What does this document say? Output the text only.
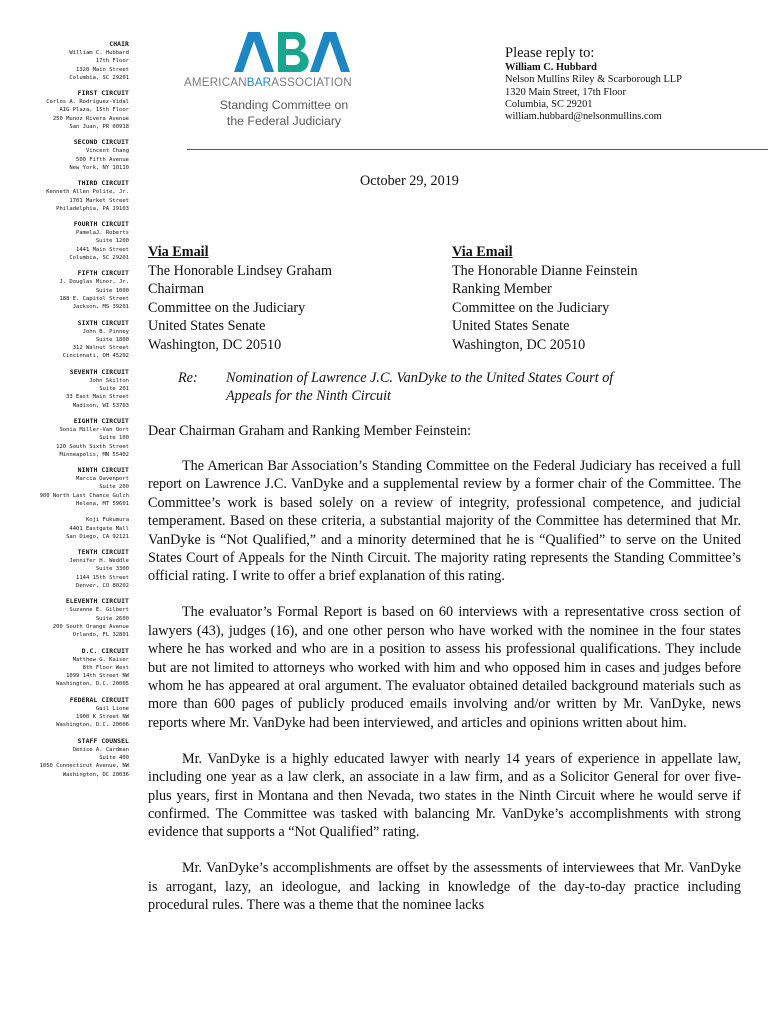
CHAIR
William C. Hubbard
17th Floor
1320 Main Street
Columbia, SC 29201
FIRST CIRCUIT
Carlos A. Rodriguez-Vidal
AIG Plaza, 15th Floor
250 Munoz Rivera Avenue
San Juan, PR 00918
SECOND CIRCUIT
Vincent Chang
500 Fifth Avenue
New York, NY 10110
THIRD CIRCUIT
Kenneth Allen Polite, Jr.
1701 Market Street
Philadelphia, PA 19103
FOURTH CIRCUIT
PamelaJ. Roberts
Suite 1200
1441 Main Street
Columbia, SC 29201
FIFTH CIRCUIT
J. Douglas Minor, Jr.
Suite 1000
188 E. Capitol Street
Jackson, MS 39201
SIXTH CIRCUIT
John B. Pinney
Suite 1800
312 Walnut Street
Cincinnati, OH 45202
SEVENTH CIRCUIT
John Skilton
Suite 201
33 East Main Street
Madison, WI 53703
EIGHTH CIRCUIT
Sonia Miller-Van Oort
Suite 100
120 South Sixth Street
Minneapolis, MN 55402
NINTH CIRCUIT
Marcia Davenport
Suite 200
900 North Last Chance Gulch
Helena, MT 59601
Koji Fukumura
4401 Eastgate Mall
San Diego, CA 92121
TENTH CIRCUIT
Jennifer H. Weddle
Suite 3300
1144 15th Street
Denver, CO 80202
ELEVENTH CIRCUIT
Suzanne E. Gilbert
Suite 2600
200 South Orange Avenue
Orlando, FL 32801
D.C. CIRCUIT
Matthew G. Kaiser
8th Floor West
1099 14th Street NW
Washington, D.C. 20005
FEDERAL CIRCUIT
Gail Lione
1900 K Street NW
Washington, D.C. 20006
STAFF COUNSEL
Denise A. Cardman
Suite 400
1050 Connecticut Avenue, NW
Washington, DC 20036
AMERICANBARASSOCIATION
Standing Committee on
the Federal Judiciary
Please reply to:
William C. Hubbard
Nelson Mullins Riley & Scarborough LLP
1320 Main Street, 17th Floor
Columbia, SC 29201
william.hubbard@nelsonmullins.com
October 29, 2019
Via Email
The Honorable Lindsey Graham
Chairman
Committee on the Judiciary
United States Senate
Washington, DC 20510
Via Email
The Honorable Dianne Feinstein
Ranking Member
Committee on the Judiciary
United States Senate
Washington, DC 20510
Re: Nomination of Lawrence J.C. VanDyke to the United States Court of Appeals for the Ninth Circuit
Dear Chairman Graham and Ranking Member Feinstein:

The American Bar Association’s Standing Committee on the Federal Judiciary has received a full report on Lawrence J.C. VanDyke and a supplemental review by a former chair of the Committee. The Committee’s work is based solely on a review of integrity, professional competence, and judicial temperament. Based on these criteria, a substantial majority of the Committee has determined that Mr. VanDyke is “Not Qualified,” and a minority determined that he is “Qualified” to serve on the United States Court of Appeals for the Ninth Circuit. The majority rating represents the Standing Committee’s official rating. I write to offer a brief explanation of this rating.

The evaluator’s Formal Report is based on 60 interviews with a representative cross section of lawyers (43), judges (16), and one other person who have worked with the nominee in the four states where he has worked and who are in a position to assess his professional qualifications. They include but are not limited to attorneys who worked with him and who opposed him in cases and judges before whom he has appeared at oral argument. The evaluator obtained detailed background materials such as more than 600 pages of publicly produced emails involving and/or written by Mr. VanDyke, news reports where Mr. VanDyke had been interviewed, and articles and opinions written about him.

Mr. VanDyke is a highly educated lawyer with nearly 14 years of experience in appellate law, including one year as a law clerk, an associate in a law firm, and as a Solicitor General for over five-plus years, first in Montana and then Nevada, two states in the Ninth Circuit where he would serve if confirmed. The Committee was tasked with balancing Mr. VanDyke’s accomplishments with strong evidence that supports a “Not Qualified” rating.

Mr. VanDyke’s accomplishments are offset by the assessments of interviewees that Mr. VanDyke is arrogant, lazy, an ideologue, and lacking in knowledge of the day-to-day practice including procedural rules. There was a theme that the nominee lacks
